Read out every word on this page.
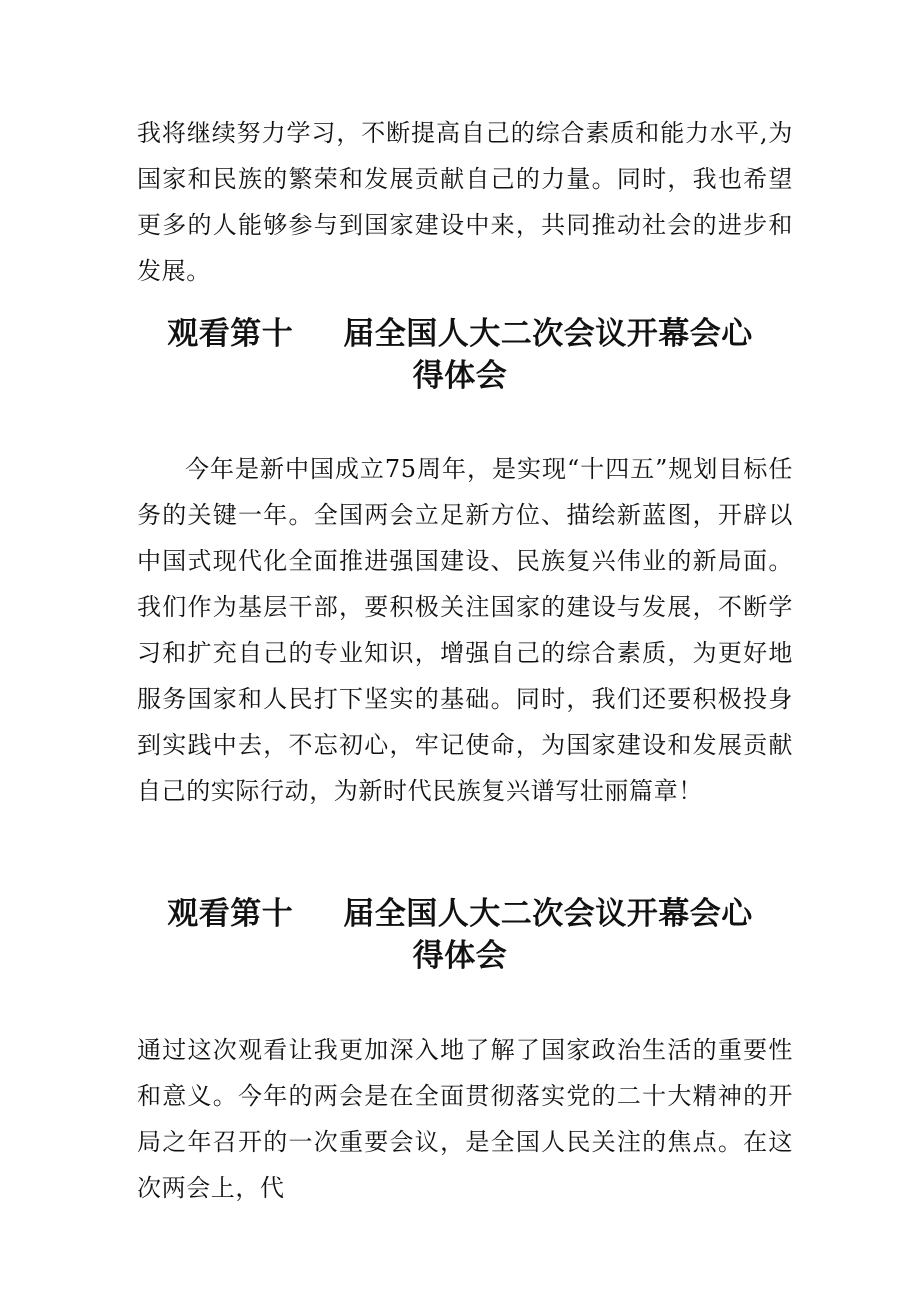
我将继续努力学习，不断提高自己的综合素质和能力水平,为国家和民族的繁荣和发展贡献自己的力量。同时，我也希望更多的人能够参与到国家建设中来，共同推动社会的进步和发展。

观看第十 届全国人大二次会议开幕会心
得体会

今年是新中国成立75周年，是实现“十四五”规划目标任务的关键一年。全国两会立足新方位、描绘新蓝图，开辟以中国式现代化全面推进强国建设、民族复兴伟业的新局面。我们作为基层干部，要积极关注国家的建设与发展，不断学习和扩充自己的专业知识，增强自己的综合素质，为更好地服务国家和人民打下坚实的基础。同时，我们还要积极投身到实践中去，不忘初心，牢记使命，为国家建设和发展贡献自己的实际行动，为新时代民族复兴谱写壮丽篇章！

观看第十 届全国人大二次会议开幕会心
得体会

通过这次观看让我更加深入地了解了国家政治生活的重要性和意义。今年的两会是在全面贯彻落实党的二十大精神的开局之年召开的一次重要会议，是全国人民关注的焦点。在这次两会上，代
